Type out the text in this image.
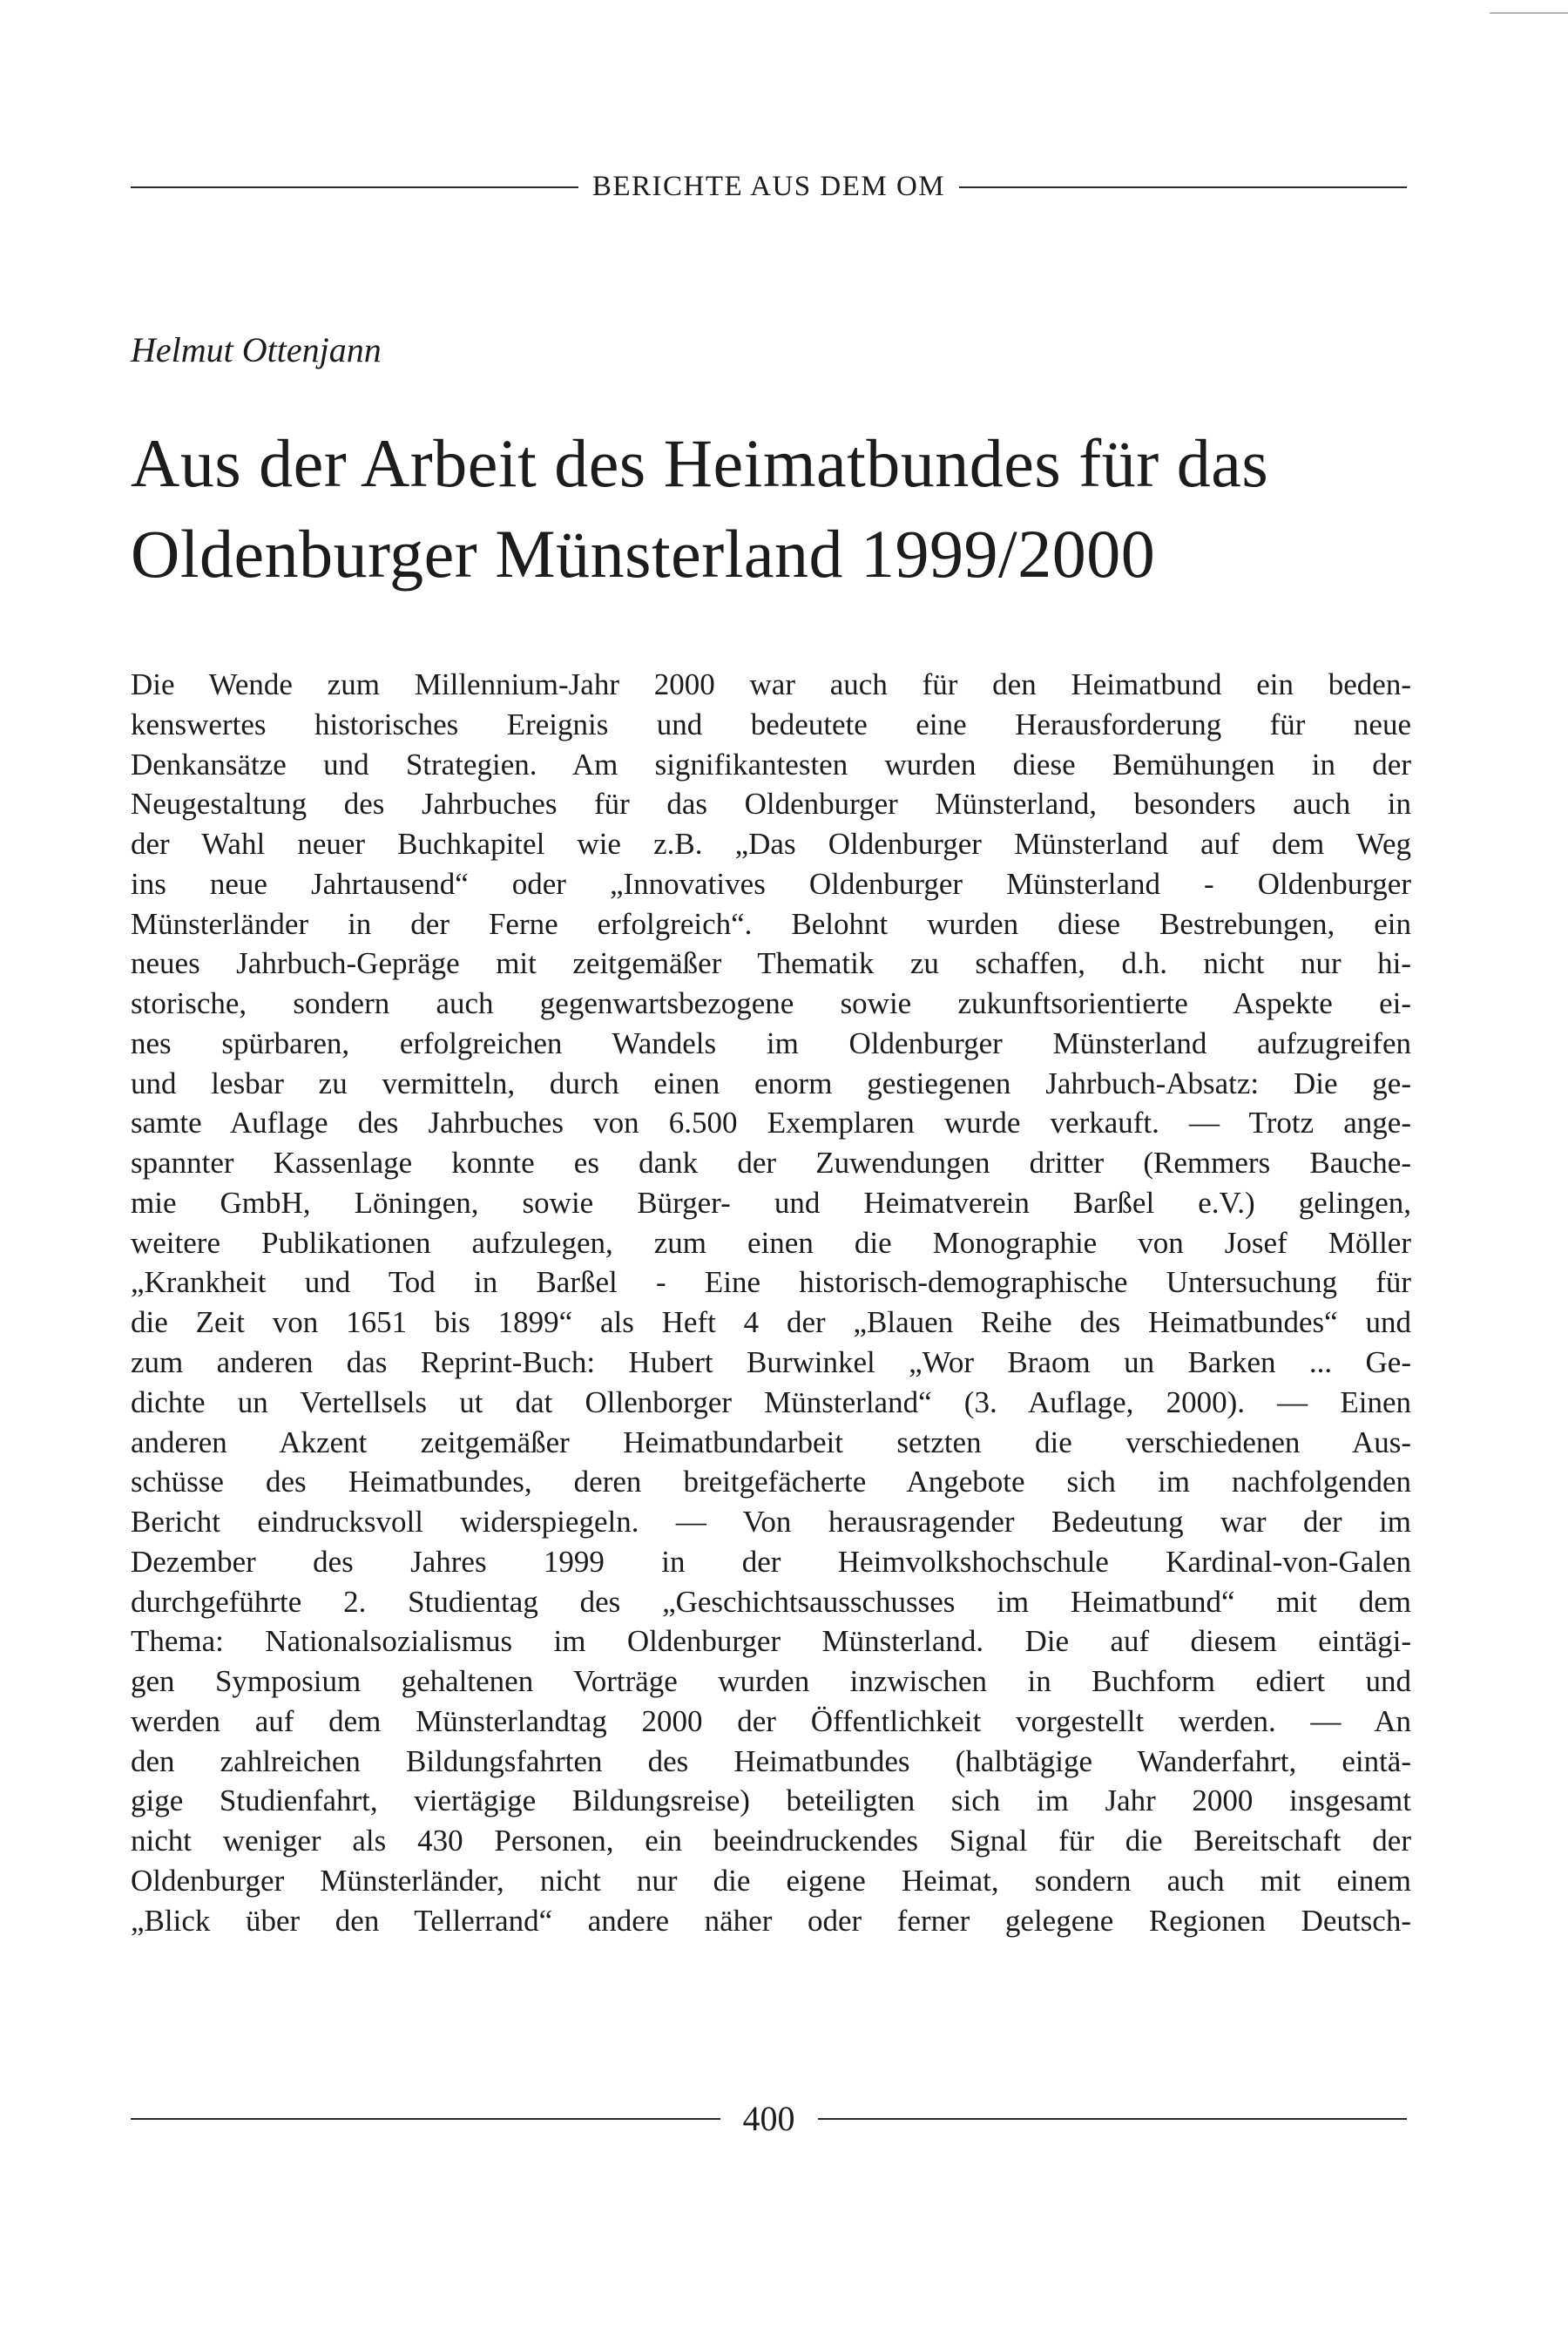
BERICHTE AUS DEM OM
Helmut Ottenjann
Aus der Arbeit des Heimatbundes für das
Oldenburger Münsterland 1999/2000
Die Wende zum Millennium-Jahr 2000 war auch für den Heimatbund ein beden-
kenswertes historisches Ereignis und bedeutete eine Herausforderung für neue
Denkansätze und Strategien. Am signifikantesten wurden diese Bemühungen in der
Neugestaltung des Jahrbuches für das Oldenburger Münsterland, besonders auch in
der Wahl neuer Buchkapitel wie z.B. „Das Oldenburger Münsterland auf dem Weg
ins neue Jahrtausend“ oder „Innovatives Oldenburger Münsterland - Oldenburger
Münsterländer in der Ferne erfolgreich“. Belohnt wurden diese Bestrebungen, ein
neues Jahrbuch-Gepräge mit zeitgemäßer Thematik zu schaffen, d.h. nicht nur hi-
storische, sondern auch gegenwartsbezogene sowie zukunftsorientierte Aspekte ei-
nes spürbaren, erfolgreichen Wandels im Oldenburger Münsterland aufzugreifen
und lesbar zu vermitteln, durch einen enorm gestiegenen Jahrbuch-Absatz: Die ge-
samte Auflage des Jahrbuches von 6.500 Exemplaren wurde verkauft. — Trotz ange-
spannter Kassenlage konnte es dank der Zuwendungen dritter (Remmers Bauche-
mie GmbH, Löningen, sowie Bürger- und Heimatverein Barßel e.V.) gelingen,
weitere Publikationen aufzulegen, zum einen die Monographie von Josef Möller
„Krankheit und Tod in Barßel - Eine historisch-demographische Untersuchung für
die Zeit von 1651 bis 1899“ als Heft 4 der „Blauen Reihe des Heimatbundes“ und
zum anderen das Reprint-Buch: Hubert Burwinkel „Wor Braom un Barken ... Ge-
dichte un Vertellsels ut dat Ollenborger Münsterland“ (3. Auflage, 2000). — Einen
anderen Akzent zeitgemäßer Heimatbundarbeit setzten die verschiedenen Aus-
schüsse des Heimatbundes, deren breitgefächerte Angebote sich im nachfolgenden
Bericht eindrucksvoll widerspiegeln. — Von herausragender Bedeutung war der im
Dezember des Jahres 1999 in der Heimvolkshochschule Kardinal-von-Galen
durchgeführte 2. Studientag des „Geschichtsausschusses im Heimatbund“ mit dem
Thema: Nationalsozialismus im Oldenburger Münsterland. Die auf diesem eintägi-
gen Symposium gehaltenen Vorträge wurden inzwischen in Buchform ediert und
werden auf dem Münsterlandtag 2000 der Öffentlichkeit vorgestellt werden. — An
den zahlreichen Bildungsfahrten des Heimatbundes (halbtägige Wanderfahrt, eintä-
gige Studienfahrt, viertägige Bildungsreise) beteiligten sich im Jahr 2000 insgesamt
nicht weniger als 430 Personen, ein beeindruckendes Signal für die Bereitschaft der
Oldenburger Münsterländer, nicht nur die eigene Heimat, sondern auch mit einem
„Blick über den Tellerrand“ andere näher oder ferner gelegene Regionen Deutsch-
400
